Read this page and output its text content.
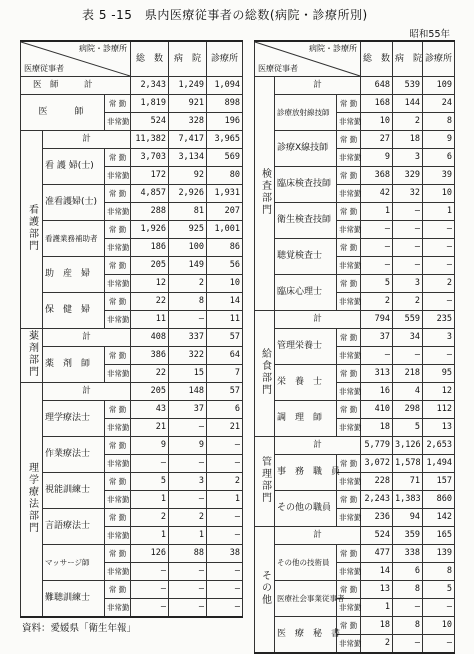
表 5 -15　県内医療従事者の総数(病院・診療所別)
昭和55年
病院・診療所
医療従事者			総　数	病　院	診療所
医　師　　　計			2,343	1,249	1,094
医　　師		常 勤	1,819	921	898
		非常勤	524	328	196
看護部門	計		11,382	7,417	3,965
	看 護 婦(士)	常 勤	3,703	3,134	569
		非常勤	172	92	80
	准看護婦(士)	常 勤	4,857	2,926	1,931
		非常勤	288	81	207
	看護業務補助者	常 勤	1,926	925	1,001
		非常勤	186	100	86
	助　産　婦	常 勤	205	149	56
		非常勤	12	2	10
	保　健　婦	常 勤	22	8	14
		非常勤	11	—	11
薬剤部門	計		408	337	57
	薬　剤　師	常 勤	386	322	64
		非常勤	22	15	7
理学療法部門	計		205	148	57
	理学療法士	常 勤	43	37	6
		非常勤	21	—	21
	作業療法士	常 勤	9	9	—
		非常勤	—	—	—
	視能訓練士	常 勤	5	3	2
		非常勤	1	—	1
	言語療法士	常 勤	2	2	—
		非常勤	1	1	—
	マッサージ師	常 勤	126	88	38
		非常勤	—	—	—
	難聴訓練士	常 勤	—	—	—
		非常勤	—	—	—
病院・診療所
医療従事者			総　数	病　院	診療所
検査部門	計		648	539	109
	診療放射線技師	常 勤	168	144	24
		非常勤	10	2	8
	診療X線技師	常 勤	27	18	9
		非常勤	9	3	6
	臨床検査技師	常 勤	368	329	39
		非常勤	42	32	10
	衛生検査技師	常 勤	1	—	1
		非常勤	—	—	—
	聴覚検査士	常 勤	—	—	—
		非常勤	—	—	—
	臨床心理士	常 勤	5	3	2
		非常勤	2	2	—
給食部門	計		794	559	235
	管理栄養士	常 勤	37	34	3
		非常勤	—	—	—
	栄　養　士	常 勤	313	218	95
		非常勤	16	4	12
	調　理　師	常 勤	410	298	112
		非常勤	18	5	13
管理部門	計		5,779	3,126	2,653
	事　務　職　員	常 勤	3,072	1,578	1,494
		非常勤	228	71	157
	その他の職員	常 勤	2,243	1,383	860
		非常勤	236	94	142
その他	計		524	359	165
	その他の技術員	常 勤	477	338	139
		非常勤	14	6	8
	医療社会事業従事者	常 勤	13	8	5
		非常勤	1	—	—
	医　療　秘　書	常 勤	18	8	10
		非常勤	2	—	—
資料：愛媛県「衛生年報」
